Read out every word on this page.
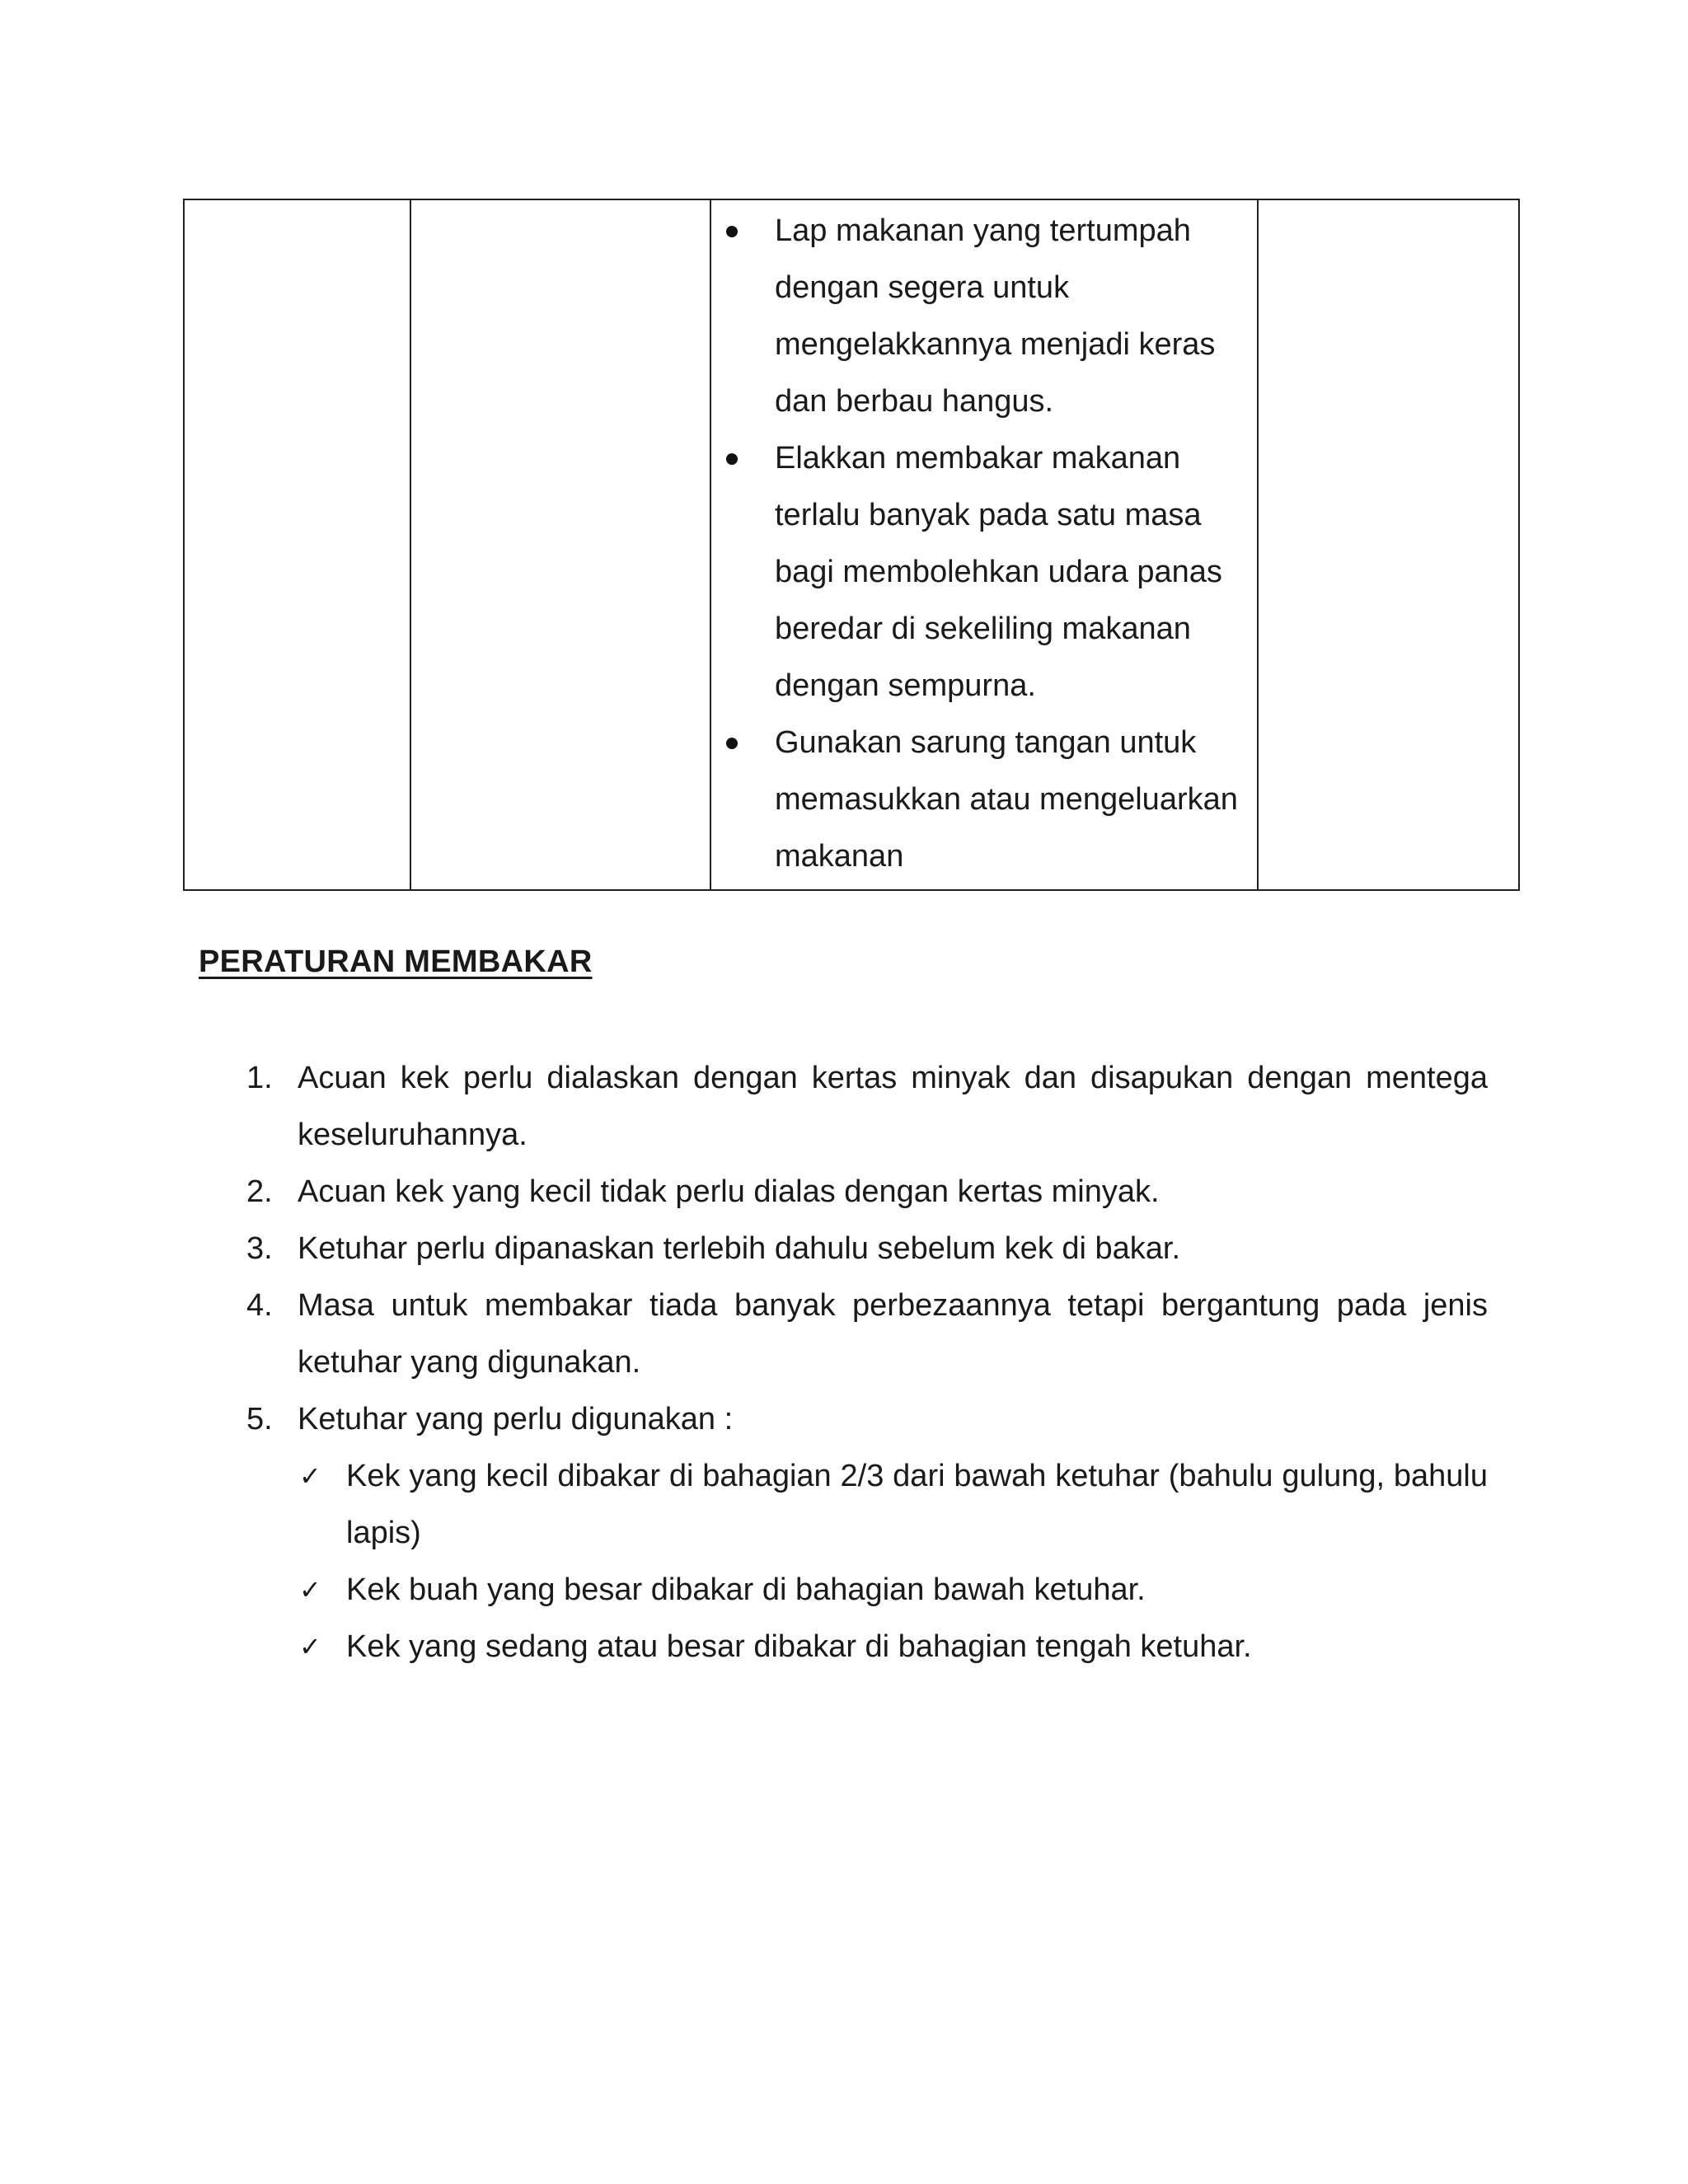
Lap makanan yang tertumpah dengan segera untuk mengelakkannya menjadi keras dan berbau hangus.
Elakkan membakar makanan terlalu banyak pada satu masa bagi membolehkan udara panas beredar di sekeliling makanan dengan sempurna.
Gunakan sarung tangan untuk memasukkan atau mengeluarkan makanan

PERATURAN MEMBAKAR
1. Acuan kek perlu dialaskan dengan kertas minyak dan disapukan dengan mentega keseluruhannya.
2. Acuan kek yang kecil tidak perlu dialas dengan kertas minyak.
3. Ketuhar perlu dipanaskan terlebih dahulu sebelum kek di bakar.
4. Masa untuk membakar tiada banyak perbezaannya tetapi bergantung pada jenis ketuhar yang digunakan.
5. Ketuhar yang perlu digunakan :
✓ Kek yang kecil dibakar di bahagian 2/3 dari bawah ketuhar (bahulu gulung, bahulu lapis)
✓ Kek buah yang besar dibakar di bahagian bawah ketuhar.
✓ Kek yang sedang atau besar dibakar di bahagian tengah ketuhar.
